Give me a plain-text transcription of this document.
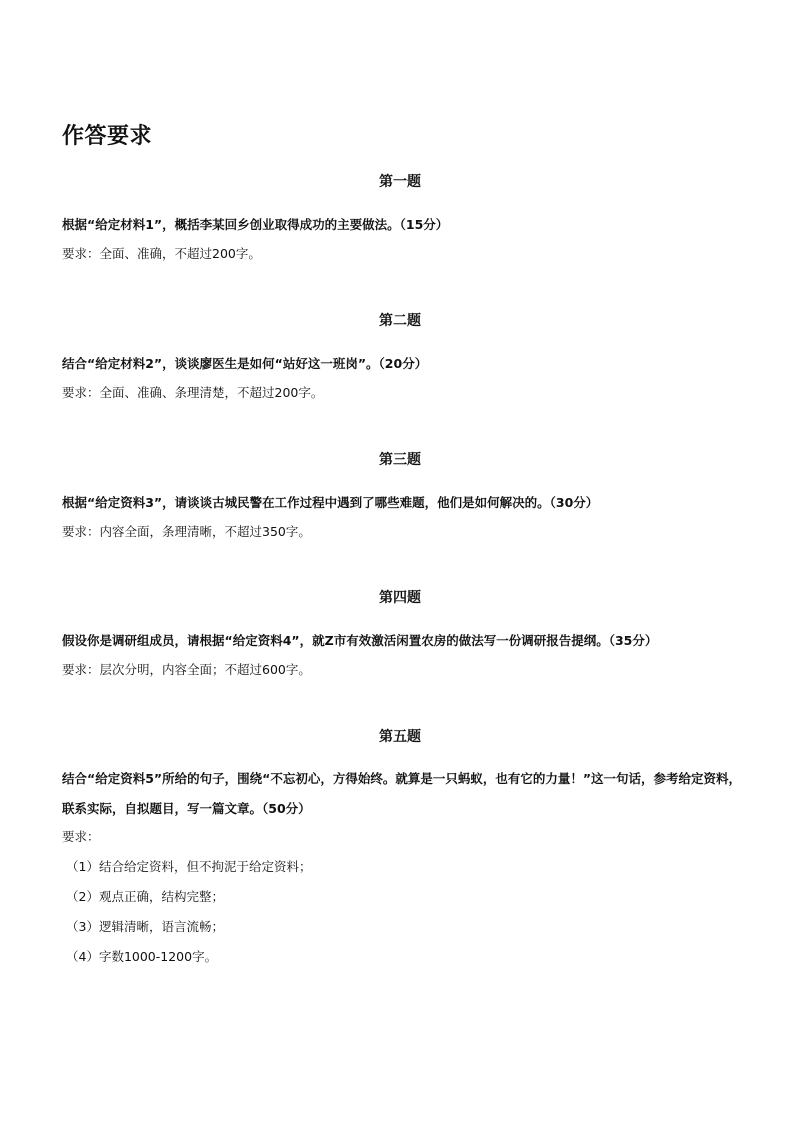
作答要求
第一题

根据“给定材料1”，概括李某回乡创业取得成功的主要做法。（15分）

要求：全面、准确，不超过200字。

第二题

结合“给定材料2”，谈谈廖医生是如何“站好这一班岗”。（20分）

要求：全面、准确、条理清楚，不超过200字。

第三题

根据“给定资料3”，请谈谈古城民警在工作过程中遇到了哪些难题，他们是如何解决的。（30分）

要求：内容全面，条理清晰，不超过350字。

第四题

假设你是调研组成员，请根据“给定资料4”，就Z市有效激活闲置农房的做法写一份调研报告提纲。（35分）

要求：层次分明，内容全面；不超过600字。

第五题

结合“给定资料5”所给的句子，围绕“不忘初心，方得始终。就算是一只蚂蚁，也有它的力量！”这一句话，参考给定资料，联系实际，自拟题目，写一篇文章。（50分）

要求：

（1）结合给定资料，但不拘泥于给定资料；
（2）观点正确，结构完整；
（3）逻辑清晰，语言流畅；
（4）字数1000-1200字。
